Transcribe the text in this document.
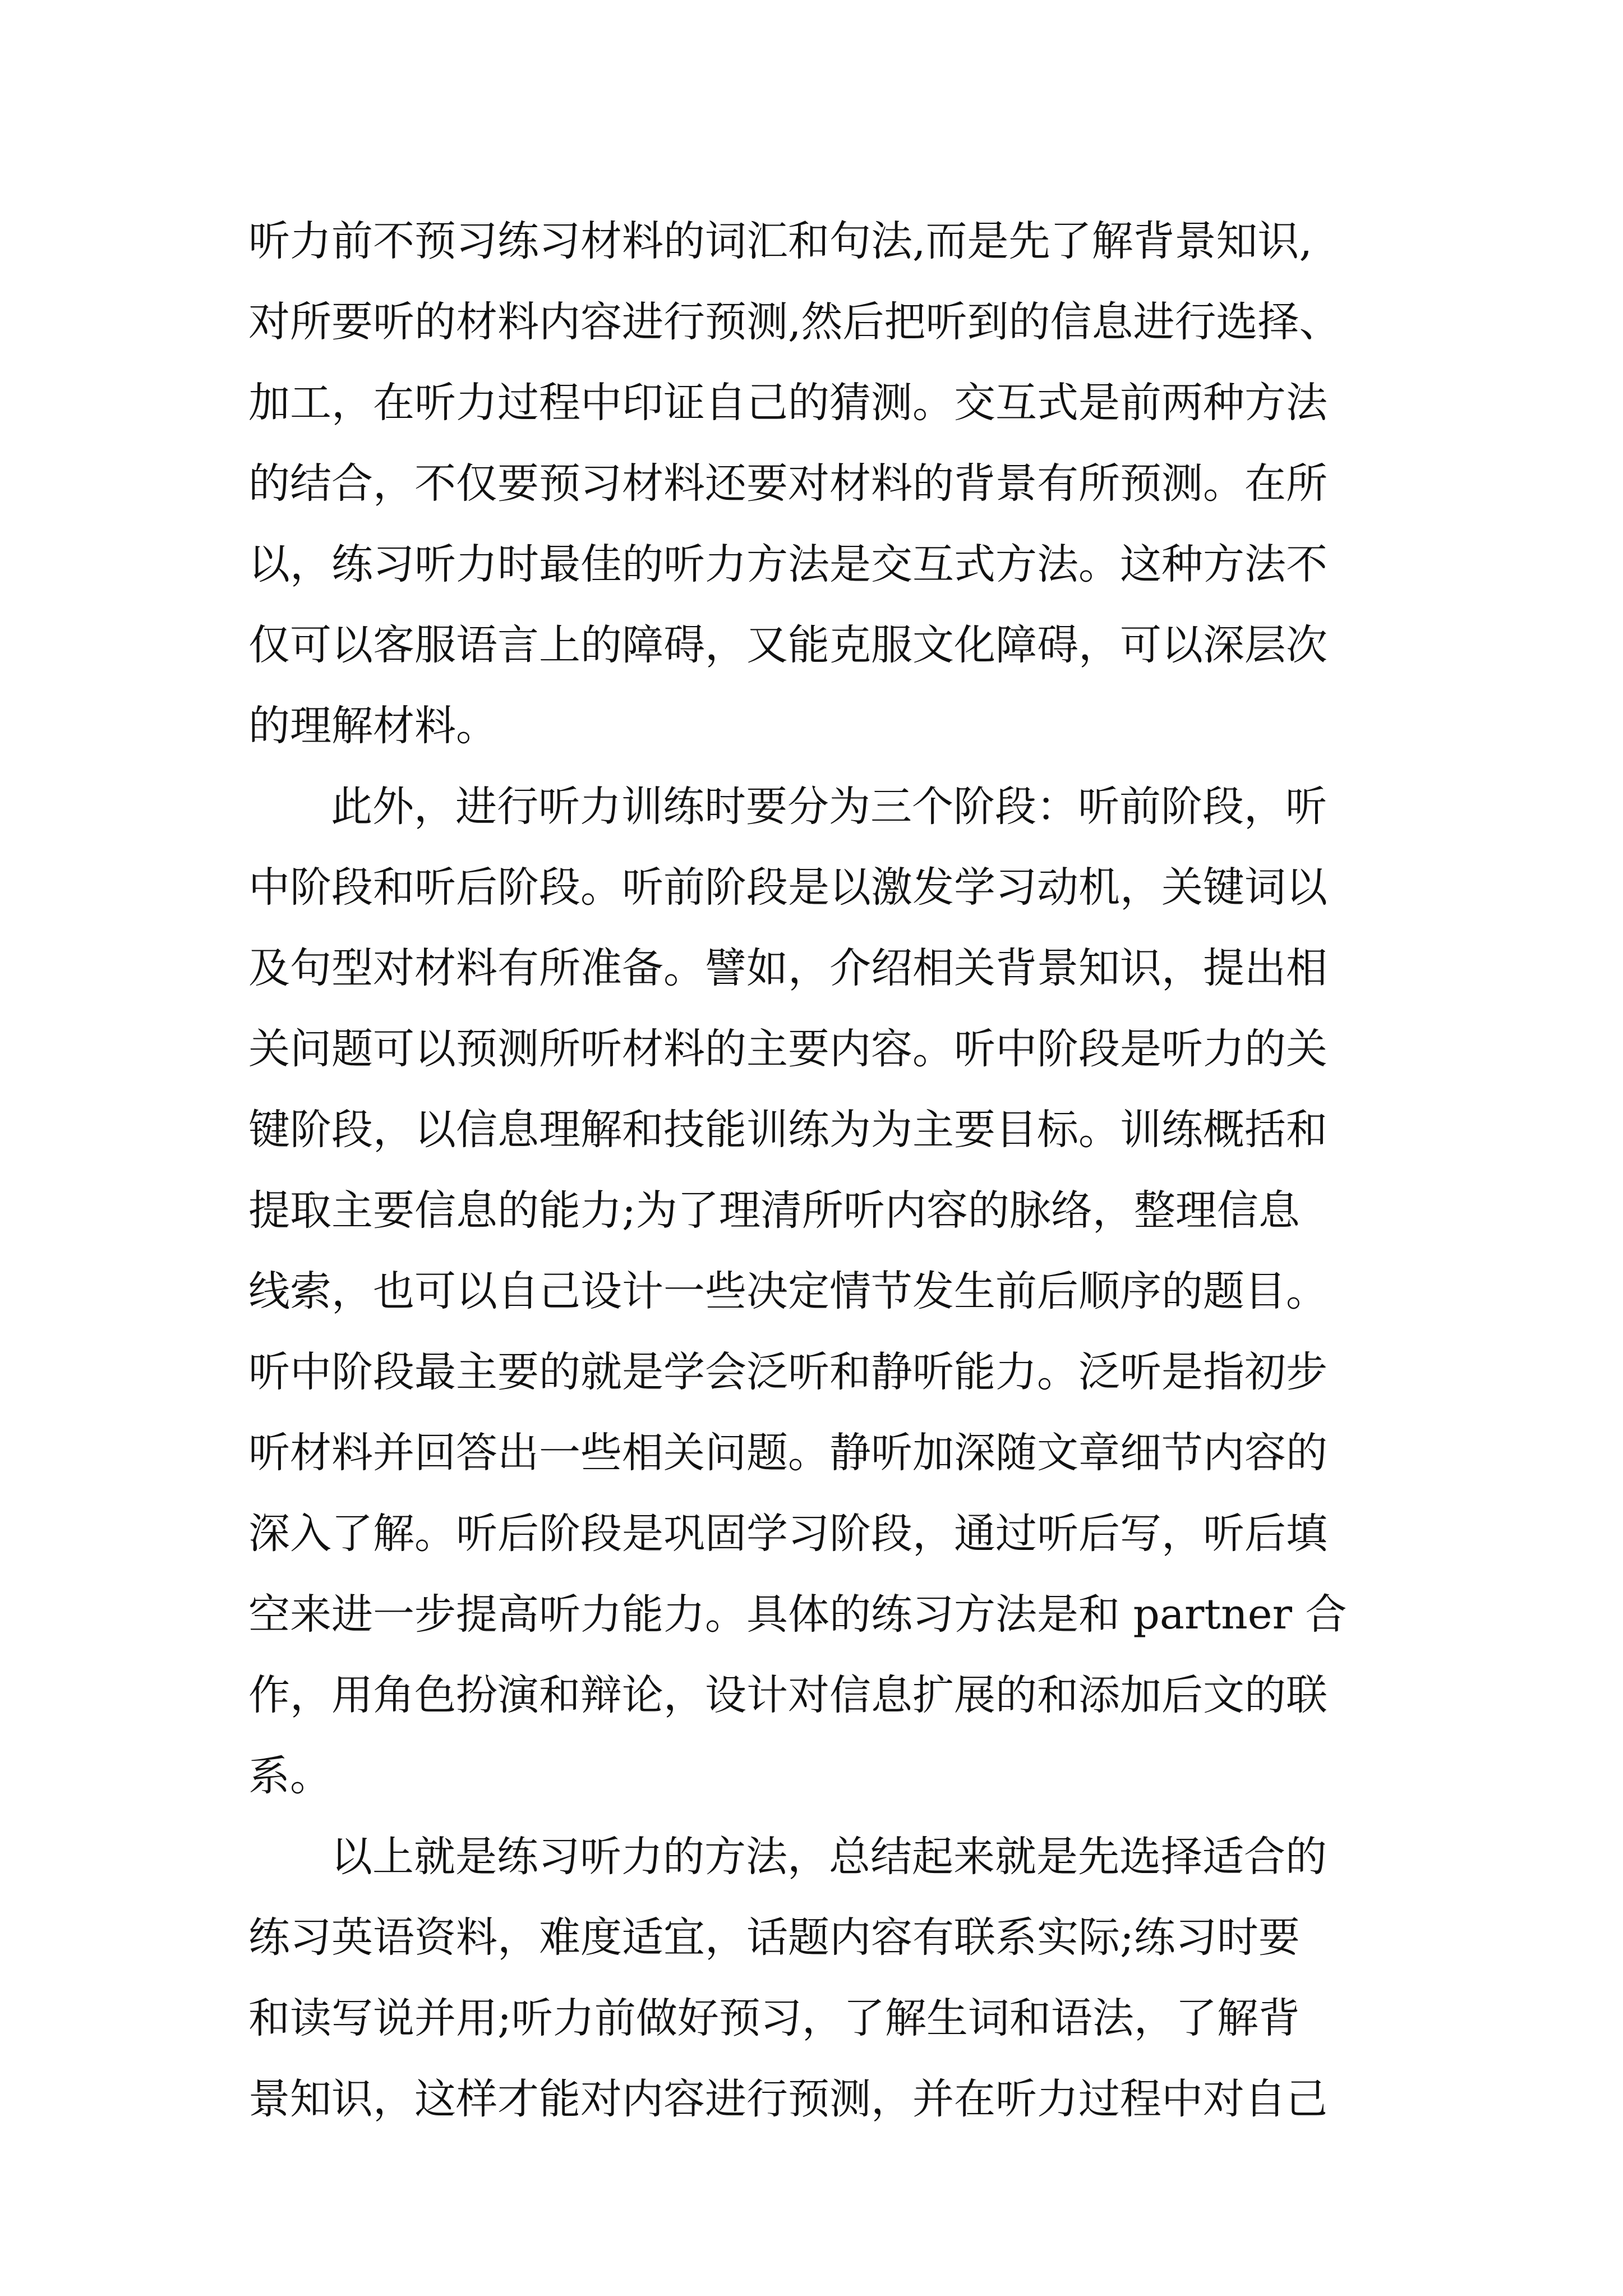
听力前不预习练习材料的词汇和句法,而是先了解背景知识,

对所要听的材料内容进行预测,然后把听到的信息进行选择、

加工，在听力过程中印证自己的猜测。交互式是前两种方法

的结合，不仅要预习材料还要对材料的背景有所预测。在所

以，练习听力时最佳的听力方法是交互式方法。这种方法不

仅可以客服语言上的障碍，又能克服文化障碍，可以深层次

的理解材料。

此外，进行听力训练时要分为三个阶段：听前阶段，听

中阶段和听后阶段。听前阶段是以激发学习动机，关键词以

及句型对材料有所准备。譬如，介绍相关背景知识，提出相

关问题可以预测所听材料的主要内容。听中阶段是听力的关

键阶段，以信息理解和技能训练为为主要目标。训练概括和

提取主要信息的能力;为了理清所听内容的脉络，整理信息

线索，也可以自己设计一些决定情节发生前后顺序的题目。

听中阶段最主要的就是学会泛听和静听能力。泛听是指初步

听材料并回答出一些相关问题。静听加深随文章细节内容的

深入了解。听后阶段是巩固学习阶段，通过听后写，听后填

空来进一步提高听力能力。具体的练习方法是和 partner 合

作，用角色扮演和辩论，设计对信息扩展的和添加后文的联

系。

以上就是练习听力的方法，总结起来就是先选择适合的

练习英语资料，难度适宜，话题内容有联系实际;练习时要

和读写说并用;听力前做好预习，了解生词和语法，了解背

景知识，这样才能对内容进行预测，并在听力过程中对自己
